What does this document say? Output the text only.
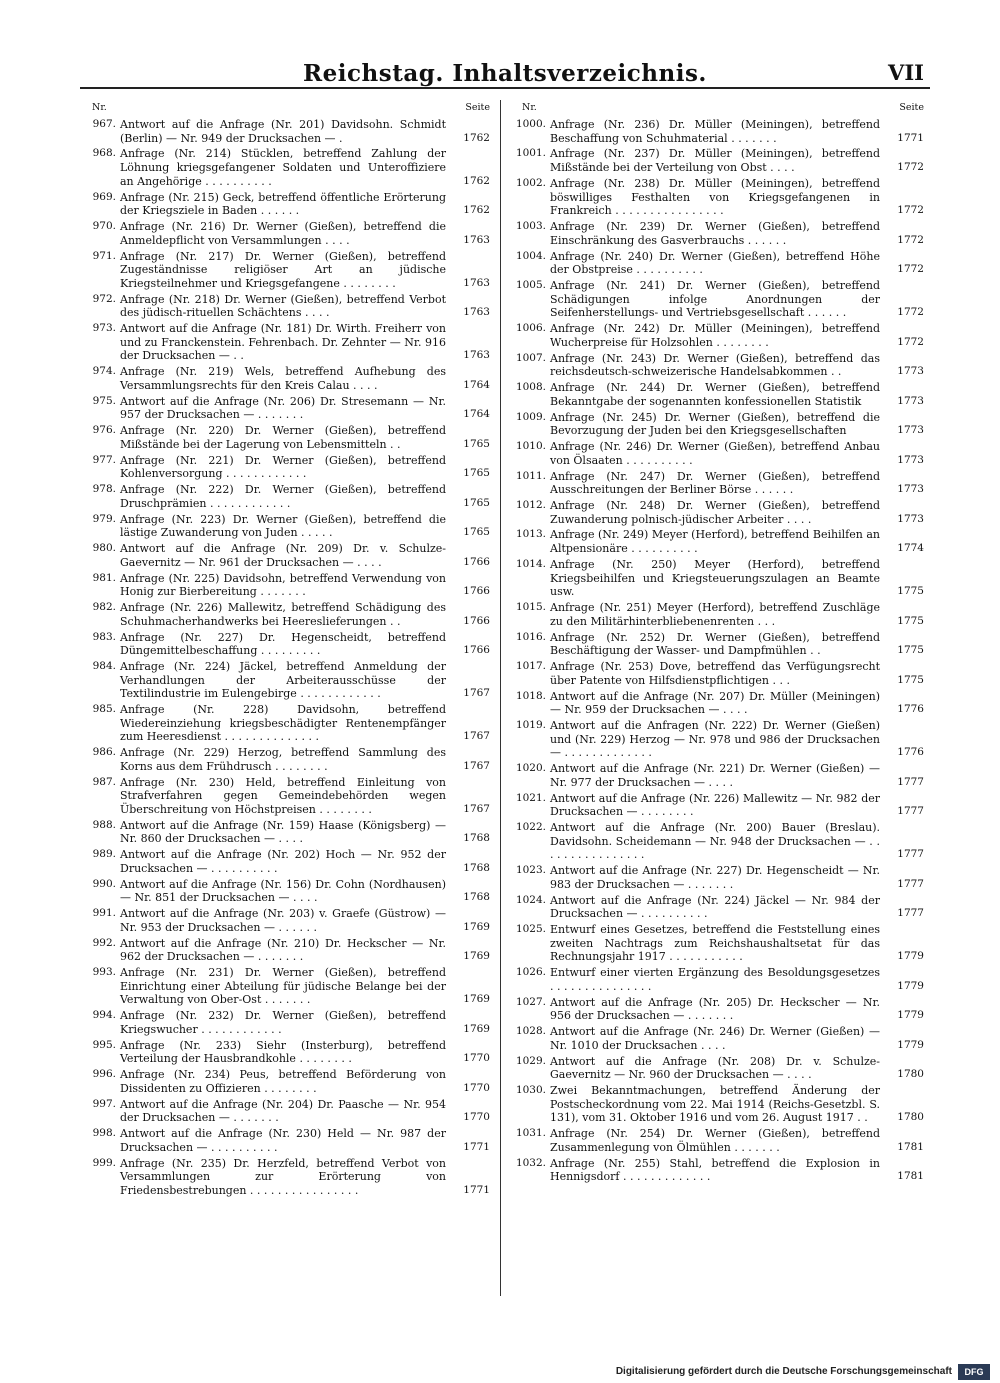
Reichstag. Inhaltsverzeichnis.	VII
Nr.	Seite
967. Antwort auf die Anfrage (Nr. 201) Davidsohn. Schmidt (Berlin) — Nr. 949 der Drucksachen — .	1762
968. Anfrage (Nr. 214) Stücklen, betreffend Zahlung der Löhnung kriegsgefangener Soldaten und Unteroffiziere an Angehörige . . . . . . . . . .	1762
969. Anfrage (Nr. 215) Geck, betreffend öffentliche Erörterung der Kriegsziele in Baden . . . . . .	1762
970. Anfrage (Nr. 216) Dr. Werner (Gießen), betreffend die Anmeldepflicht von Versammlungen . . . .	1763
971. Anfrage (Nr. 217) Dr. Werner (Gießen), betreffend Zugeständnisse religiöser Art an jüdische Kriegsteilnehmer und Kriegsgefangene . . . . . . . .	1763
972. Anfrage (Nr. 218) Dr. Werner (Gießen), betreffend Verbot des jüdisch-rituellen Schächtens . . . .	1763
973. Antwort auf die Anfrage (Nr. 181) Dr. Wirth. Freiherr von und zu Franckenstein. Fehrenbach. Dr. Zehnter — Nr. 916 der Drucksachen — . .	1763
974. Anfrage (Nr. 219) Wels, betreffend Aufhebung des Versammlungsrechts für den Kreis Calau . . . .	1764
975. Antwort auf die Anfrage (Nr. 206) Dr. Stresemann — Nr. 957 der Drucksachen — . . . . . . .	1764
976. Anfrage (Nr. 220) Dr. Werner (Gießen), betreffend Mißstände bei der Lagerung von Lebensmitteln . .	1765
977. Anfrage (Nr. 221) Dr. Werner (Gießen), betreffend Kohlenversorgung . . . . . . . . . . . .	1765
978. Anfrage (Nr. 222) Dr. Werner (Gießen), betreffend Druschprämien . . . . . . . . . . . .	1765
979. Anfrage (Nr. 223) Dr. Werner (Gießen), betreffend die lästige Zuwanderung von Juden . . . . .	1765
980. Antwort auf die Anfrage (Nr. 209) Dr. v. Schulze-Gaevernitz — Nr. 961 der Drucksachen — . . . .	1766
981. Anfrage (Nr. 225) Davidsohn, betreffend Verwendung von Honig zur Bierbereitung . . . . . . .	1766
982. Anfrage (Nr. 226) Mallewitz, betreffend Schädigung des Schuhmacherhandwerks bei Heereslieferungen . .	1766
983. Anfrage (Nr. 227) Dr. Hegenscheidt, betreffend Düngemittelbeschaffung . . . . . . . . .	1766
984. Anfrage (Nr. 224) Jäckel, betreffend Anmeldung der Verhandlungen der Arbeiterausschüsse der Textilindustrie im Eulengebirge . . . . . . . . . . . .	1767
985. Anfrage (Nr. 228) Davidsohn, betreffend Wiedereinziehung kriegsbeschädigter Rentenempfänger zum Heeresdienst . . . . . . . . . . . . . .	1767
986. Anfrage (Nr. 229) Herzog, betreffend Sammlung des Korns aus dem Frühdrusch . . . . . . . .	1767
987. Anfrage (Nr. 230) Held, betreffend Einleitung von Strafverfahren gegen Gemeindebehörden wegen Überschreitung von Höchstpreisen . . . . . . . .	1767
988. Antwort auf die Anfrage (Nr. 159) Haase (Königsberg) — Nr. 860 der Drucksachen — . . . .	1768
989. Antwort auf die Anfrage (Nr. 202) Hoch — Nr. 952 der Drucksachen — . . . . . . . . . .	1768
990. Antwort auf die Anfrage (Nr. 156) Dr. Cohn (Nordhausen) — Nr. 851 der Drucksachen — . . . .	1768
991. Antwort auf die Anfrage (Nr. 203) v. Graefe (Güstrow) — Nr. 953 der Drucksachen — . . . . . .	1769
992. Antwort auf die Anfrage (Nr. 210) Dr. Heckscher — Nr. 962 der Drucksachen — . . . . . . .	1769
993. Anfrage (Nr. 231) Dr. Werner (Gießen), betreffend Einrichtung einer Abteilung für jüdische Belange bei der Verwaltung von Ober-Ost . . . . . . .	1769
994. Anfrage (Nr. 232) Dr. Werner (Gießen), betreffend Kriegswucher . . . . . . . . . . . .	1769
995. Anfrage (Nr. 233) Siehr (Insterburg), betreffend Verteilung der Hausbrandkohle . . . . . . . .	1770
996. Anfrage (Nr. 234) Peus, betreffend Beförderung von Dissidenten zu Offizieren . . . . . . . .	1770
997. Antwort auf die Anfrage (Nr. 204) Dr. Paasche — Nr. 954 der Drucksachen — . . . . . . .	1770
998. Antwort auf die Anfrage (Nr. 230) Held — Nr. 987 der Drucksachen — . . . . . . . . . .	1771
999. Anfrage (Nr. 235) Dr. Herzfeld, betreffend Verbot von Versammlungen zur Erörterung von Friedensbestrebungen . . . . . . . . . . . . . . . .	1771
Nr.	Seite
1000. Anfrage (Nr. 236) Dr. Müller (Meiningen), betreffend Beschaffung von Schuhmaterial . . . . . . .	1771
1001. Anfrage (Nr. 237) Dr. Müller (Meiningen), betreffend Mißstände bei der Verteilung von Obst . . . .	1772
1002. Anfrage (Nr. 238) Dr. Müller (Meiningen), betreffend böswilliges Festhalten von Kriegsgefangenen in Frankreich . . . . . . . . . . . . . . . .	1772
1003. Anfrage (Nr. 239) Dr. Werner (Gießen), betreffend Einschränkung des Gasverbrauchs . . . . . .	1772
1004. Anfrage (Nr. 240) Dr. Werner (Gießen), betreffend Höhe der Obstpreise . . . . . . . . . .	1772
1005. Anfrage (Nr. 241) Dr. Werner (Gießen), betreffend Schädigungen infolge Anordnungen der Seifenherstellungs- und Vertriebsgesellschaft . . . . . .	1772
1006. Anfrage (Nr. 242) Dr. Müller (Meiningen), betreffend Wucherpreise für Holzsohlen . . . . . . . .	1772
1007. Anfrage (Nr. 243) Dr. Werner (Gießen), betreffend das reichsdeutsch-schweizerische Handelsabkommen . .	1773
1008. Anfrage (Nr. 244) Dr. Werner (Gießen), betreffend Bekanntgabe der sogenannten konfessionellen Statistik	1773
1009. Anfrage (Nr. 245) Dr. Werner (Gießen), betreffend die Bevorzugung der Juden bei den Kriegsgesellschaften	1773
1010. Anfrage (Nr. 246) Dr. Werner (Gießen), betreffend Anbau von Ölsaaten . . . . . . . . . .	1773
1011. Anfrage (Nr. 247) Dr. Werner (Gießen), betreffend Ausschreitungen der Berliner Börse . . . . . .	1773
1012. Anfrage (Nr. 248) Dr. Werner (Gießen), betreffend Zuwanderung polnisch-jüdischer Arbeiter . . . .	1773
1013. Anfrage (Nr. 249) Meyer (Herford), betreffend Beihilfen an Altpensionäre . . . . . . . . . .	1774
1014. Anfrage (Nr. 250) Meyer (Herford), betreffend Kriegsbeihilfen und Kriegsteuerungszulagen an Beamte usw.	1775
1015. Anfrage (Nr. 251) Meyer (Herford), betreffend Zuschläge zu den Militärhinterbliebenenrenten . . .	1775
1016. Anfrage (Nr. 252) Dr. Werner (Gießen), betreffend Beschäftigung der Wasser- und Dampfmühlen . .	1775
1017. Anfrage (Nr. 253) Dove, betreffend das Verfügungsrecht über Patente von Hilfsdienstpflichtigen . . .	1775
1018. Antwort auf die Anfrage (Nr. 207) Dr. Müller (Meiningen) — Nr. 959 der Drucksachen — . . . .	1776
1019. Antwort auf die Anfragen (Nr. 222) Dr. Werner (Gießen) und (Nr. 229) Herzog — Nr. 978 und 986 der Drucksachen — . . . . . . . . . . . . .	1776
1020. Antwort auf die Anfrage (Nr. 221) Dr. Werner (Gießen) — Nr. 977 der Drucksachen — . . . .	1777
1021. Antwort auf die Anfrage (Nr. 226) Mallewitz — Nr. 982 der Drucksachen — . . . . . . . .	1777
1022. Antwort auf die Anfrage (Nr. 200) Bauer (Breslau). Davidsohn. Scheidemann — Nr. 948 der Drucksachen — . . . . . . . . . . . . . . . .	1777
1023. Antwort auf die Anfrage (Nr. 227) Dr. Hegenscheidt — Nr. 983 der Drucksachen — . . . . . . .	1777
1024. Antwort auf die Anfrage (Nr. 224) Jäckel — Nr. 984 der Drucksachen — . . . . . . . . . .	1777
1025. Entwurf eines Gesetzes, betreffend die Feststellung eines zweiten Nachtrags zum Reichshaushaltsetat für das Rechnungsjahr 1917 . . . . . . . . . . .	1779
1026. Entwurf einer vierten Ergänzung des Besoldungsgesetzes . . . . . . . . . . . . . . .	1779
1027. Antwort auf die Anfrage (Nr. 205) Dr. Heckscher — Nr. 956 der Drucksachen — . . . . . . .	1779
1028. Antwort auf die Anfrage (Nr. 246) Dr. Werner (Gießen) — Nr. 1010 der Drucksachen . . . .	1779
1029. Antwort auf die Anfrage (Nr. 208) Dr. v. Schulze-Gaevernitz — Nr. 960 der Drucksachen — . . . .	1780
1030. Zwei Bekanntmachungen, betreffend Änderung der Postscheckordnung vom 22. Mai 1914 (Reichs-Gesetzbl. S. 131), vom 31. Oktober 1916 und vom 26. August 1917 . .	1780
1031. Anfrage (Nr. 254) Dr. Werner (Gießen), betreffend Zusammenlegung von Ölmühlen . . . . . . .	1781
1032. Anfrage (Nr. 255) Stahl, betreffend die Explosion in Hennigsdorf . . . . . . . . . . . . .	1781
Digitalisierung gefördert durch die Deutsche Forschungsgemeinschaft	DFG
